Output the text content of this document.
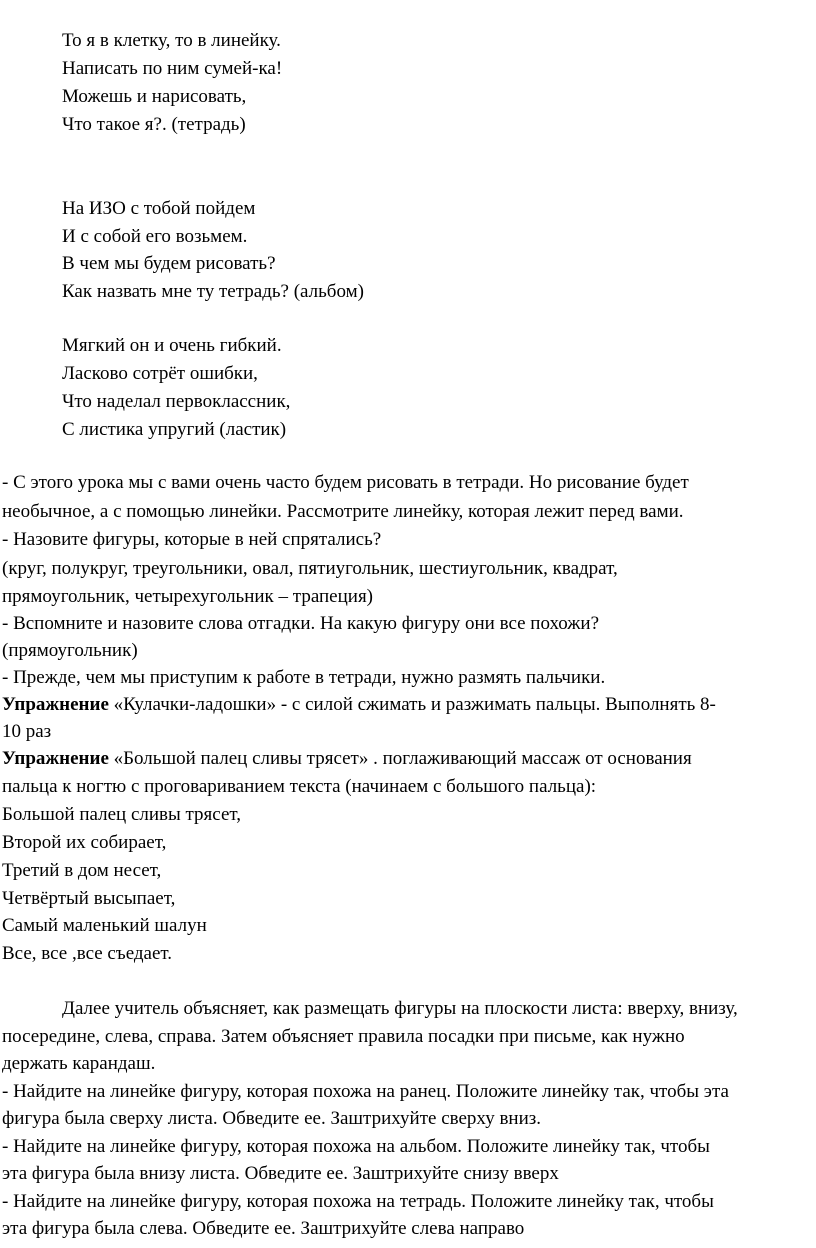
То я в клетку, то в линейку.
Написать по ним сумей-ка!
Можешь и нарисовать,
Что такое я?. (тетрадь)
На ИЗО с тобой пойдем
И с собой его возьмем.
В чем мы будем рисовать?
Как назвать мне ту тетрадь? (альбом)
Мягкий он и очень гибкий.
Ласково сотрёт ошибки,
Что наделал первоклассник,
С листика упругий (ластик)
- С этого урока мы с вами очень часто будем рисовать в тетради. Но рисование будет
необычное, а с помощью линейки. Рассмотрите линейку, которая лежит перед вами.
- Назовите фигуры, которые в ней спрятались?
(круг, полукруг, треугольники, овал, пятиугольник, шестиугольник, квадрат,
прямоугольник, четырехугольник – трапеция)
- Вспомните и назовите слова отгадки. На какую фигуру они все похожи?
(прямоугольник)
- Прежде, чем мы приступим к работе в тетради, нужно размять пальчики.
Упражнение «Кулачки-ладошки» - с силой сжимать и разжимать пальцы. Выполнять 8-
10 раз
Упражнение «Большой палец сливы трясет» . поглаживающий массаж от основания
пальца к ногтю с проговариванием текста (начинаем с большого пальца):
Большой палец сливы трясет,
Второй их собирает,
Третий в дом несет,
Четвёртый высыпает,
Самый маленький шалун
Все, все ,все съедает.
Далее учитель объясняет, как размещать фигуры на плоскости листа: вверху, внизу,
посередине, слева, справа. Затем объясняет правила посадки при письме, как нужно
держать карандаш.
- Найдите на линейке фигуру, которая похожа на ранец. Положите линейку так, чтобы эта
фигура была сверху листа. Обведите ее. Заштрихуйте сверху вниз.
- Найдите на линейке фигуру, которая похожа на альбом. Положите линейку так, чтобы
эта фигура была внизу листа. Обведите ее. Заштрихуйте снизу вверх
- Найдите на линейке фигуру, которая похожа на тетрадь. Положите линейку так, чтобы
эта фигура была слева. Обведите ее. Заштрихуйте слева направо
